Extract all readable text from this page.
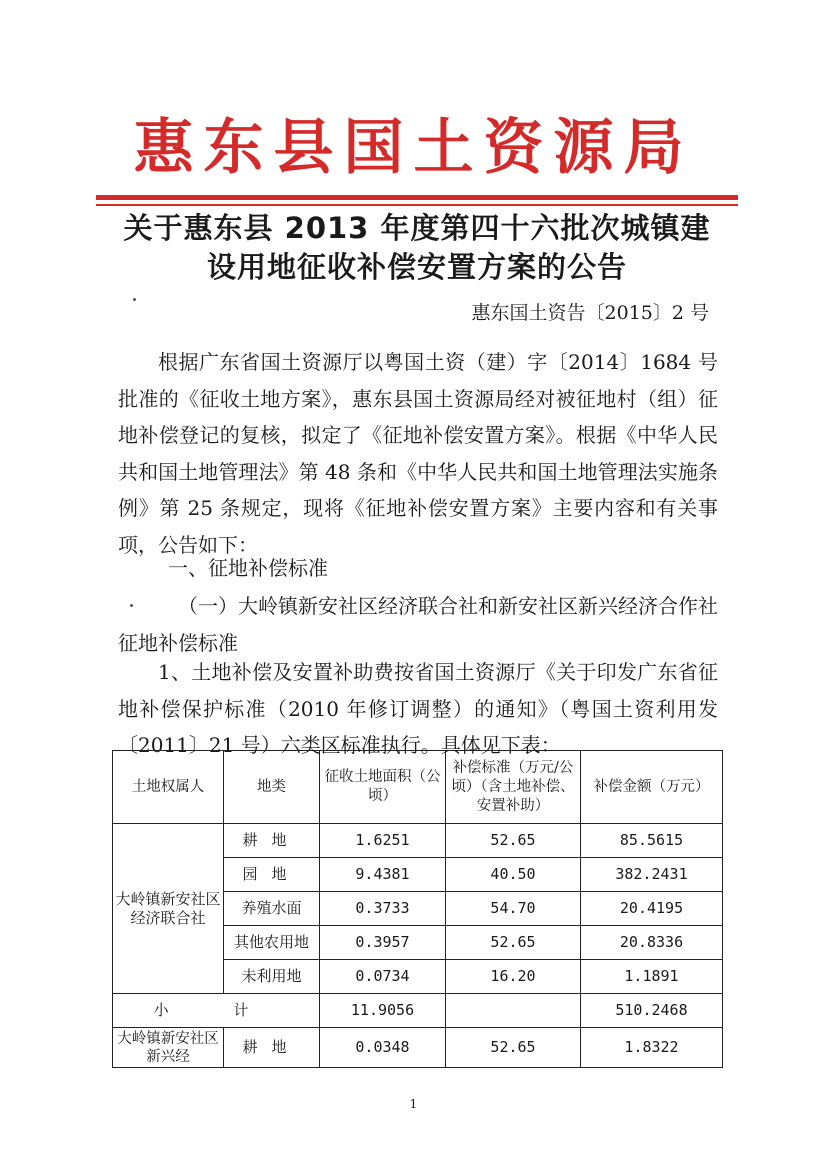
惠东县国土资源局
关于惠东县 2013 年度第四十六批次城镇建
设用地征收补偿安置方案的公告
惠东国土资告〔2015〕2 号
根据广东省国土资源厅以粤国土资（建）字〔2014〕1684 号批准的《征收土地方案》，惠东县国土资源局经对被征地村（组）征地补偿登记的复核，拟定了《征地补偿安置方案》。根据《中华人民共和国土地管理法》第 48 条和《中华人民共和国土地管理法实施条例》第 25 条规定，现将《征地补偿安置方案》主要内容和有关事项，公告如下：
一、征地补偿标准
（一）大岭镇新安社区经济联合社和新安社区新兴经济合作社征地补偿标准
1、土地补偿及安置补助费按省国土资源厅《关于印发广东省征地补偿保护标准（2010 年修订调整）的通知》（粤国土资利用发〔2011〕21 号）六类区标准执行。具体见下表：
土地权属人	地类	征收土地面积（公顷）	补偿标准（万元/公顷）（含土地补偿、安置补助）	补偿金额（万元）
大岭镇新安社区经济联合社	耕地	1.6251	52.65	85.5615
	园地	9.4381	40.50	382.2431
	养殖水面	0.3733	54.70	20.4195
	其他农用地	0.3957	52.65	20.8336
	未利用地	0.0734	16.20	1.1891
小 计		11.9056		510.2468
大岭镇新安社区新兴经	耕地	0.0348	52.65	1.8322
1
